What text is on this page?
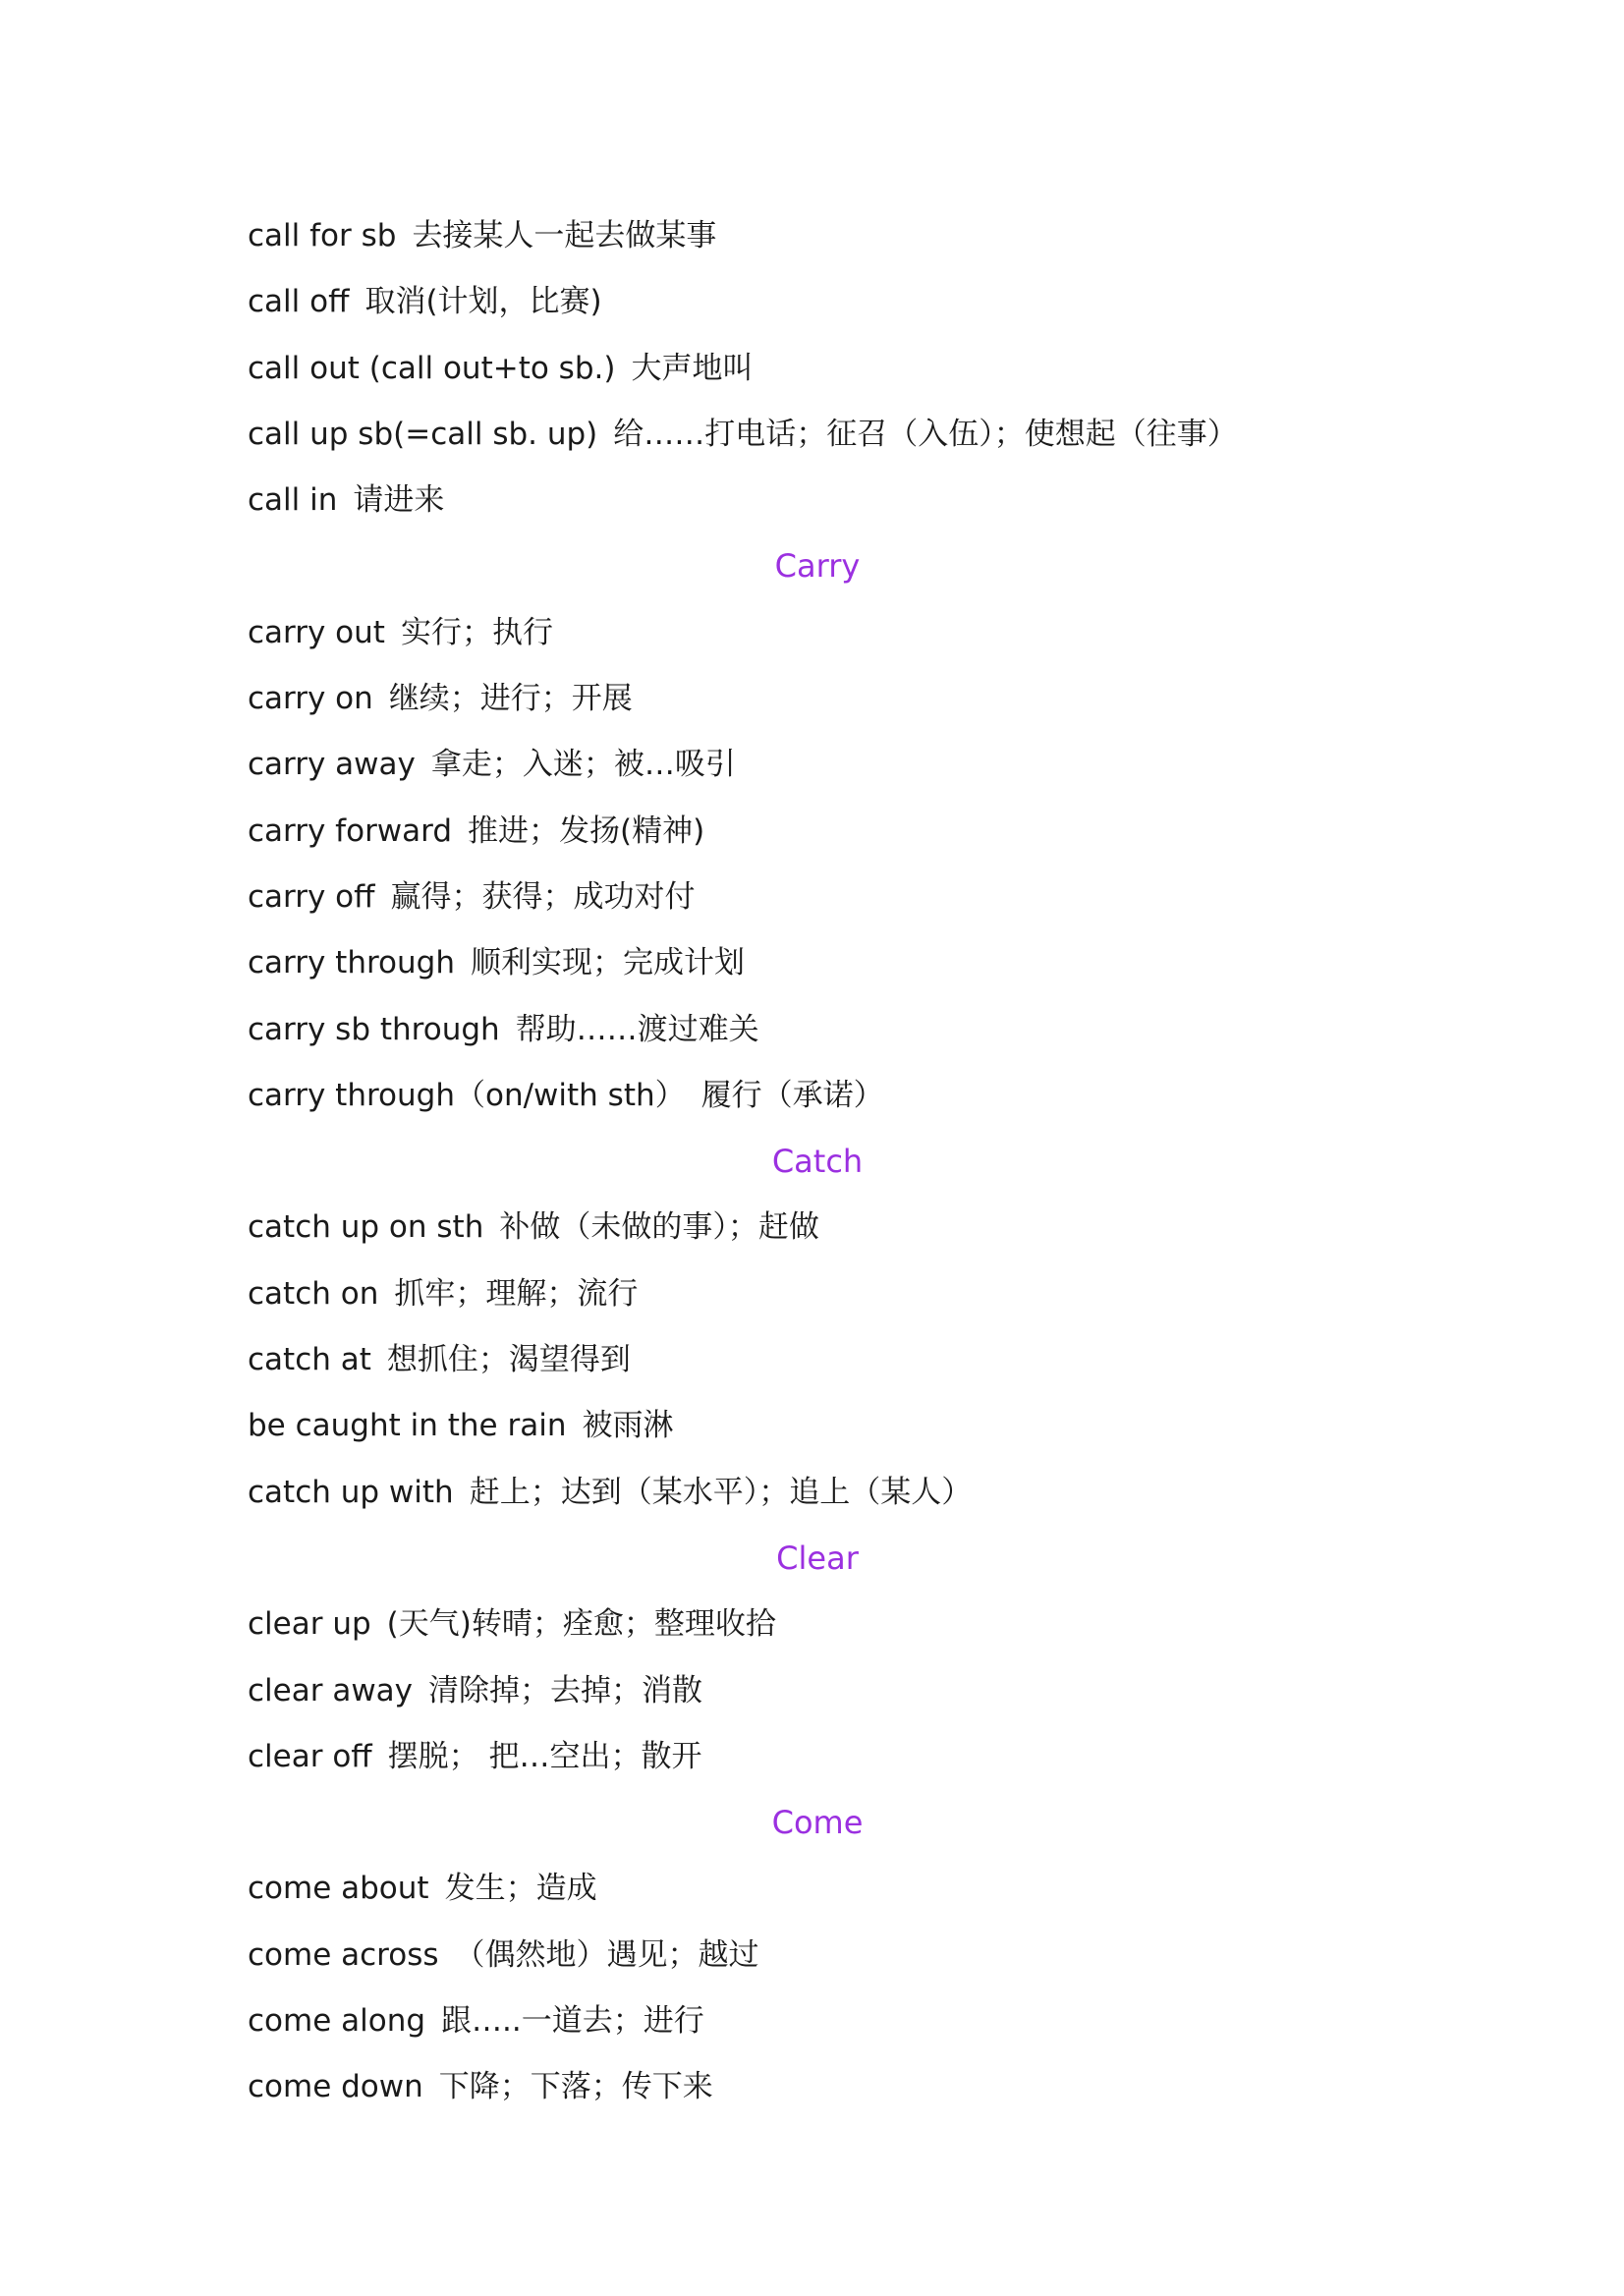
call for sb 去接某人一起去做某事
call off 取消(计划，比赛)
call out (call out+to sb.) 大声地叫
call up sb(=call sb. up) 给……打电话；征召（入伍）；使想起（往事）
call in 请进来
Carry
carry out 实行；执行
carry on 继续；进行；开展
carry away 拿走；入迷；被…吸引
carry forward 推进；发扬(精神)
carry off 赢得；获得；成功对付
carry through 顺利实现；完成计划
carry sb through 帮助……渡过难关
carry through（on/with sth） 履行（承诺）
Catch
catch up on sth 补做（未做的事）；赶做
catch on 抓牢；理解；流行
catch at 想抓住；渴望得到
be caught in the rain 被雨淋
catch up with 赶上；达到（某水平）；追上（某人）
Clear
clear up (天气)转晴；痊愈；整理收拾
clear away 清除掉；去掉；消散
clear off 摆脱； 把…空出；散开
Come
come about 发生；造成
come across （偶然地）遇见；越过
come along 跟…..一道去；进行
come down 下降；下落；传下来
